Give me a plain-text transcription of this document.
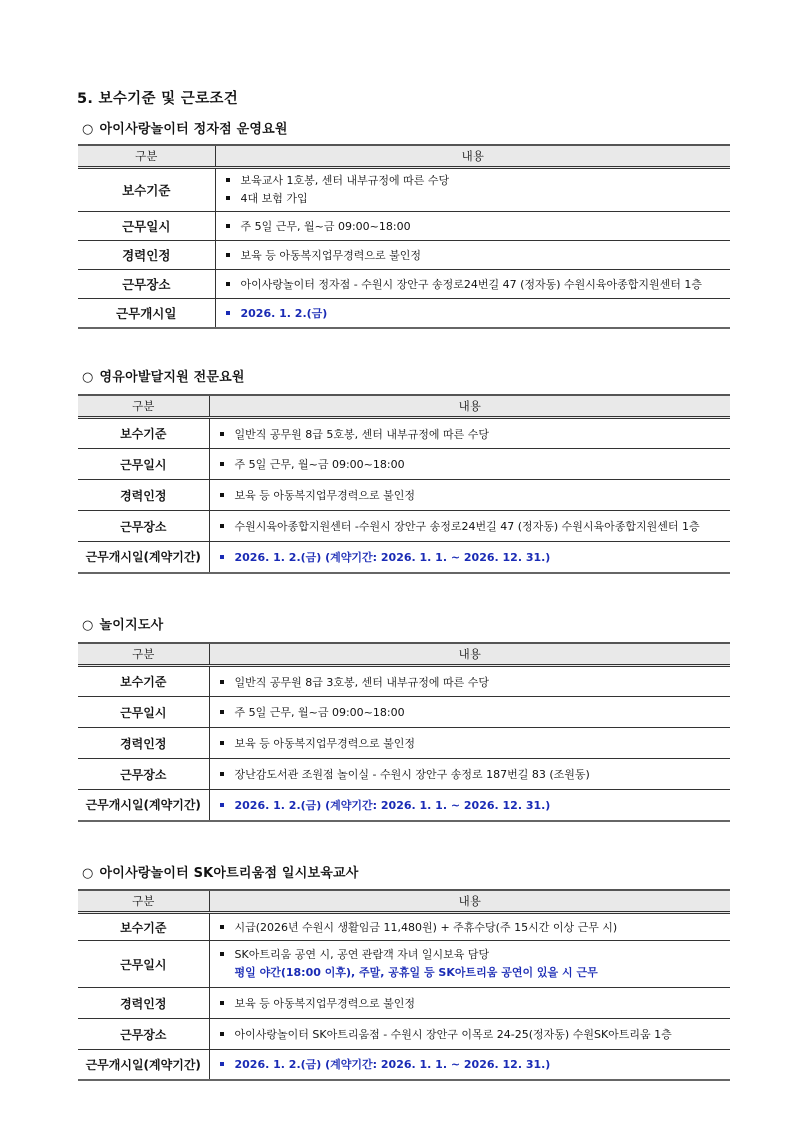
5. 보수기준 및 근로조건
○ 아이사랑놀이터 정자점 운영요원
구분	내용
보수기준	보육교사 1호봉, 센터 내부규정에 따른 수당
4대 보험 가입

근무일시	주 5일 근무, 월~금 09:00~18:00
경력인정	보육 등 아동복지업무경력으로 불인정
근무장소	아이사랑놀이터 정자점 - 수원시 장안구 송정로24번길 47 (정자동) 수원시육아종합지원센터 1층
근무개시일	2026. 1. 2.(금)
○ 영유아발달지원 전문요원
구분	내용
보수기준	일반직 공무원 8급 5호봉, 센터 내부규정에 따른 수당
근무일시	주 5일 근무, 월~금 09:00~18:00
경력인정	보육 등 아동복지업무경력으로 불인정
근무장소	수원시육아종합지원센터 -수원시 장안구 송정로24번길 47 (정자동) 수원시육아종합지원센터 1층
근무개시일(계약기간)	2026. 1. 2.(금) (계약기간: 2026. 1. 1. ~ 2026. 12. 31.)
○ 놀이지도사
구분	내용
보수기준	일반직 공무원 8급 3호봉, 센터 내부규정에 따른 수당
근무일시	주 5일 근무, 월~금 09:00~18:00
경력인정	보육 등 아동복지업무경력으로 불인정
근무장소	장난감도서관 조원점 놀이실 - 수원시 장안구 송정로 187번길 83 (조원동)
근무개시일(계약기간)	2026. 1. 2.(금) (계약기간: 2026. 1. 1. ~ 2026. 12. 31.)
○ 아이사랑놀이터 SK아트리움점 일시보육교사
구분	내용
보수기준	시급(2026년 수원시 생활임금 11,480원) + 주휴수당(주 15시간 이상 근무 시)
근무일시	SK아트리움 공연 시, 공연 관람객 자녀 일시보육 담당
평일 야간(18:00 이후), 주말, 공휴일 등 SK아트리움 공연이 있을 시 근무

경력인정	보육 등 아동복지업무경력으로 불인정
근무장소	아이사랑놀이터 SK아트리움점 - 수원시 장안구 이목로 24-25(정자동) 수원SK아트리움 1층
근무개시일(계약기간)	2026. 1. 2.(금) (계약기간: 2026. 1. 1. ~ 2026. 12. 31.)
